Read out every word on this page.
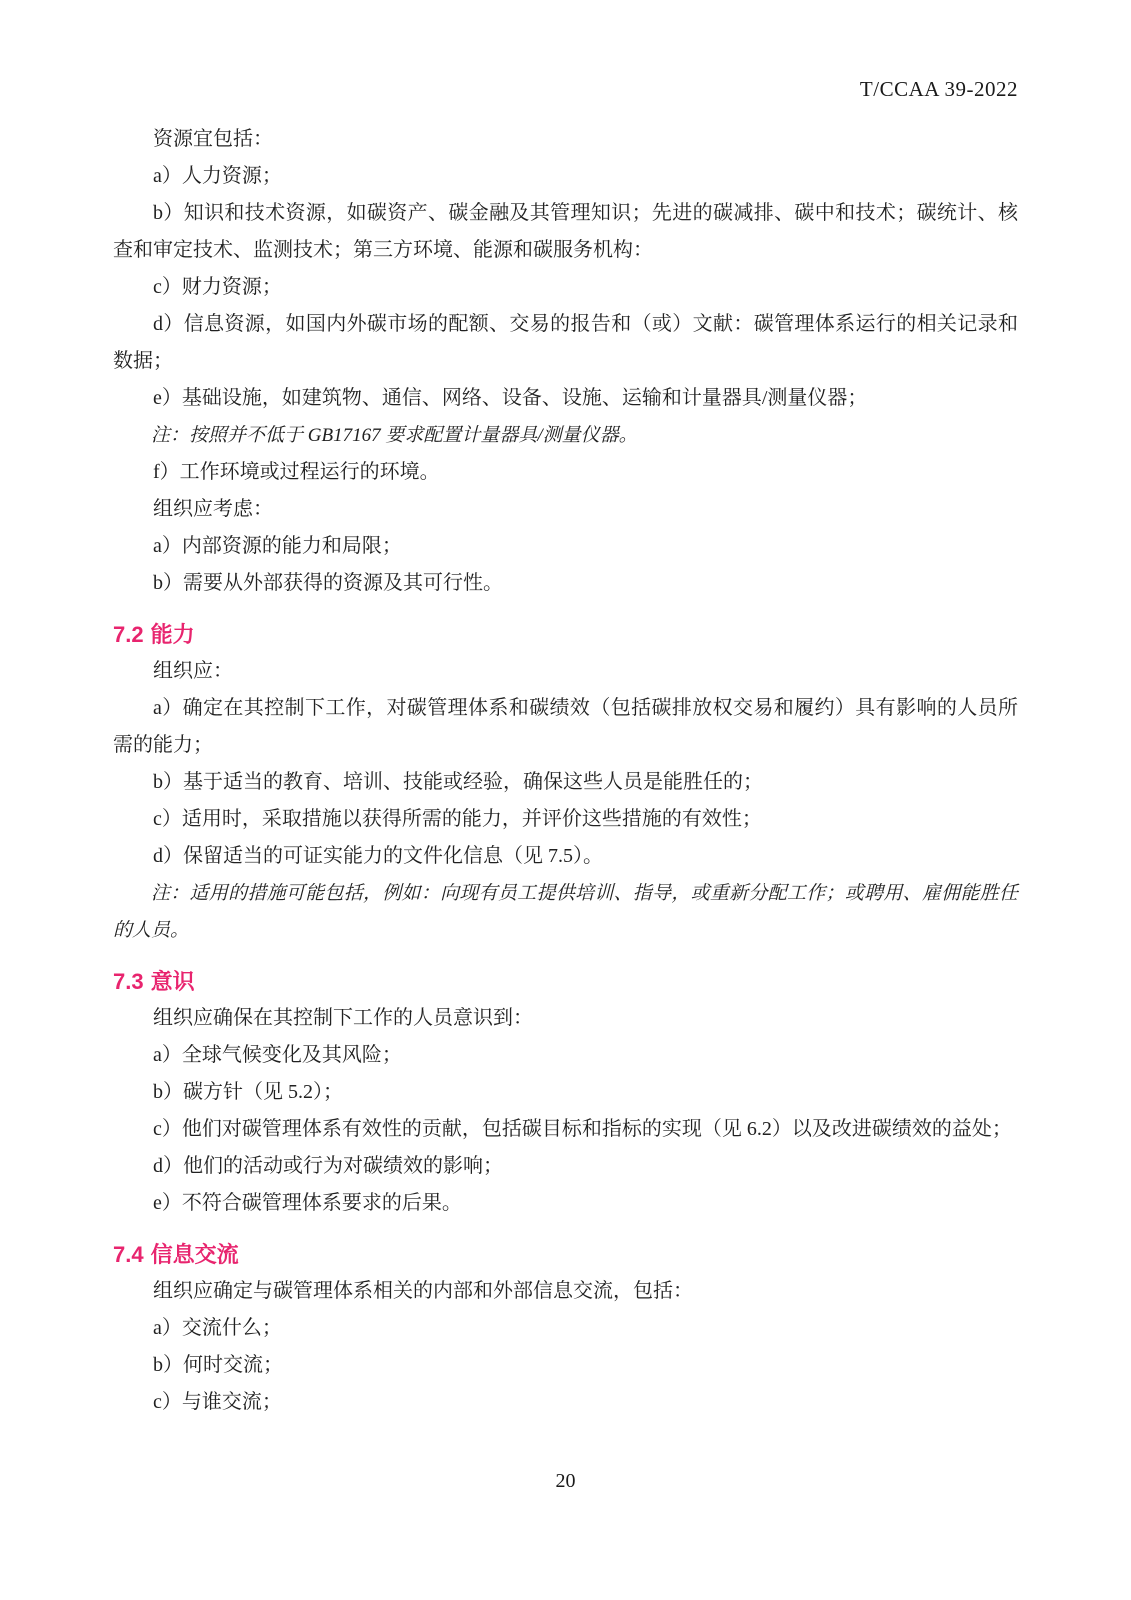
T/CCAA 39-2022

资源宜包括：

a）人力资源；

b）知识和技术资源，如碳资产、碳金融及其管理知识；先进的碳减排、碳中和技术；碳统计、核查和审定技术、监测技术；第三方环境、能源和碳服务机构：

c）财力资源；

d）信息资源，如国内外碳市场的配额、交易的报告和（或）文献：碳管理体系运行的相关记录和数据；

e）基础设施，如建筑物、通信、网络、设备、设施、运输和计量器具/测量仪器；

注：按照并不低于 GB17167 要求配置计量器具/测量仪器。

f）工作环境或过程运行的环境。

组织应考虑：

a）内部资源的能力和局限；

b）需要从外部获得的资源及其可行性。

7.2 能力

组织应：

a）确定在其控制下工作，对碳管理体系和碳绩效（包括碳排放权交易和履约）具有影响的人员所需的能力；

b）基于适当的教育、培训、技能或经验，确保这些人员是能胜任的；

c）适用时，采取措施以获得所需的能力，并评价这些措施的有效性；

d）保留适当的可证实能力的文件化信息（见 7.5）。

注：适用的措施可能包括，例如：向现有员工提供培训、指导，或重新分配工作；或聘用、雇佣能胜任的人员。

7.3 意识

组织应确保在其控制下工作的人员意识到：

a）全球气候变化及其风险；

b）碳方针（见 5.2）；

c）他们对碳管理体系有效性的贡献，包括碳目标和指标的实现（见 6.2）以及改进碳绩效的益处；

d）他们的活动或行为对碳绩效的影响；

e）不符合碳管理体系要求的后果。

7.4 信息交流

组织应确定与碳管理体系相关的内部和外部信息交流，包括：

a）交流什么；

b）何时交流；

c）与谁交流；

20
